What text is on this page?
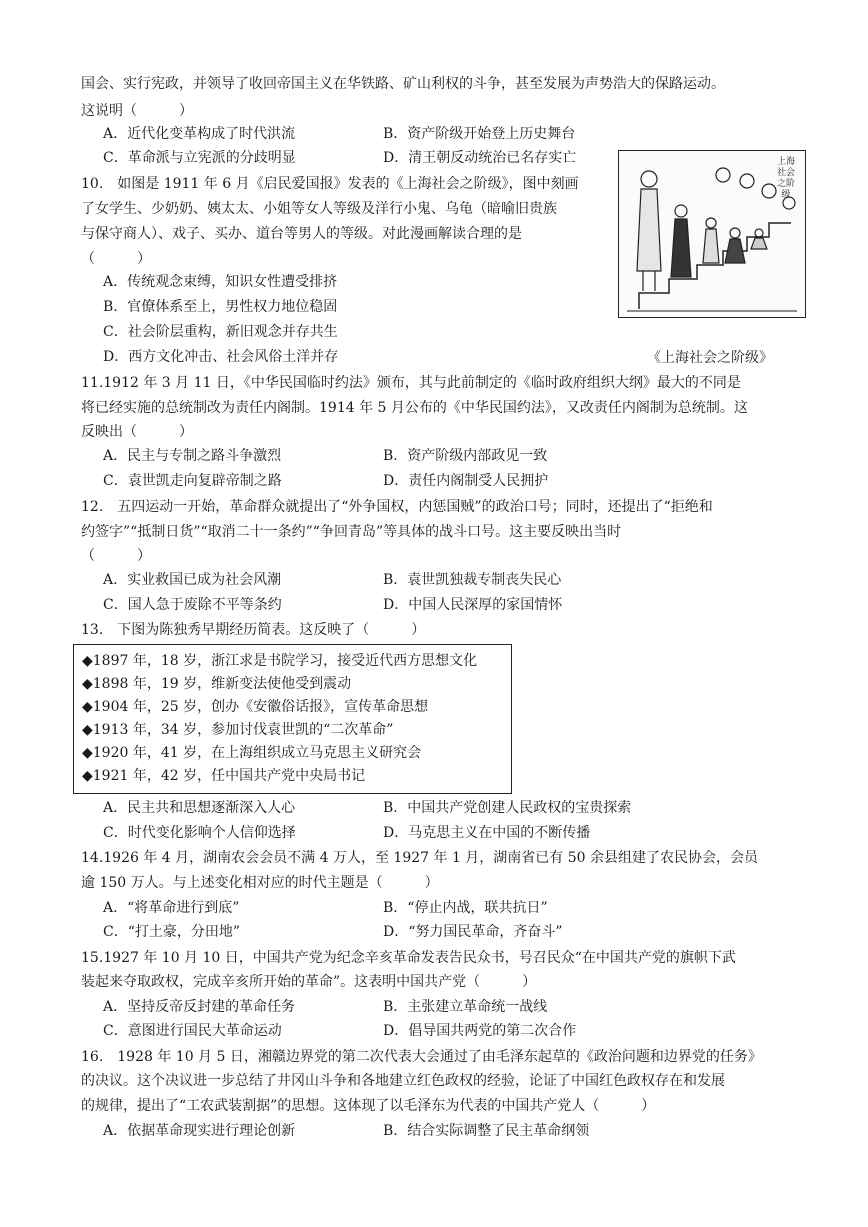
国会、实行宪政，并领导了收回帝国主义在华铁路、矿山利权的斗争，甚至发展为声势浩大的保路运动。
这说明（　　　）
A．近代化变革构成了时代洪流	B．资产阶级开始登上历史舞台
C．革命派与立宪派的分歧明显	D．清王朝反动统治已名存实亡
10.　如图是 1911 年 6 月《启民爱国报》发表的《上海社会之阶级》，图中刻画
了女学生、少奶奶、姨太太、小姐等女人等级及洋行小鬼、乌龟（暗喻旧贵族
与保守商人）、戏子、买办、道台等男人的等级。对此漫画解读合理的是
（　　　）
A．传统观念束缚，知识女性遭受排挤
B．官僚体系至上，男性权力地位稳固
C．社会阶层重构，新旧观念并存共生
D．西方文化冲击、社会风俗土洋并存
上海社会之阶级
《上海社会之阶级》
11.1912 年 3 月 11 日，《中华民国临时约法》颁布，其与此前制定的《临时政府组织大纲》最大的不同是
将已经实施的总统制改为责任内阁制。1914 年 5 月公布的《中华民国约法》，又改责任内阁制为总统制。这
反映出（　　　）
A．民主与专制之路斗争激烈	B．资产阶级内部政见一致
C．袁世凯走向复辟帝制之路	D．责任内阁制受人民拥护
12.　五四运动一开始，革命群众就提出了“外争国权，内惩国贼”的政治口号；同时，还提出了“拒绝和
约签字”“抵制日货”“取消二十一条约”“争回青岛”等具体的战斗口号。这主要反映出当时
（　　　）
A．实业救国已成为社会风潮	B．袁世凯独裁专制丧失民心
C．国人急于废除不平等条约	D．中国人民深厚的家国情怀
13.　下图为陈独秀早期经历简表。这反映了（　　　）
◆1897 年，18 岁，浙江求是书院学习，接受近代西方思想文化
◆1898 年，19 岁，维新变法使他受到震动
◆1904 年，25 岁，创办《安徽俗话报》，宣传革命思想
◆1913 年，34 岁，参加讨伐袁世凯的“二次革命”
◆1920 年，41 岁，在上海组织成立马克思主义研究会
◆1921 年，42 岁，任中国共产党中央局书记
A．民主共和思想逐渐深入人心	B．中国共产党创建人民政权的宝贵探索
C．时代变化影响个人信仰选择	D．马克思主义在中国的不断传播
14.1926 年 4 月，湖南农会会员不满 4 万人，至 1927 年 1 月，湖南省已有 50 余县组建了农民协会，会员
逾 150 万人。与上述变化相对应的时代主题是（　　　）
A．“将革命进行到底”	B．“停止内战，联共抗日”
C．“打土豪，分田地”	D．“努力国民革命，齐奋斗”
15.1927 年 10 月 10 日，中国共产党为纪念辛亥革命发表告民众书，号召民众“在中国共产党的旗帜下武
装起来夺取政权，完成辛亥所开始的革命”。这表明中国共产党（　　　）
A．坚持反帝反封建的革命任务	B．主张建立革命统一战线
C．意图进行国民大革命运动	D．倡导国共两党的第二次合作
16.　1928 年 10 月 5 日，湘赣边界党的第二次代表大会通过了由毛泽东起草的《政治问题和边界党的任务》
的决议。这个决议进一步总结了井冈山斗争和各地建立红色政权的经验，论证了中国红色政权存在和发展
的规律，提出了“工农武装割据”的思想。这体现了以毛泽东为代表的中国共产党人（　　　）
A．依据革命现实进行理论创新	B．结合实际调整了民主革命纲领
